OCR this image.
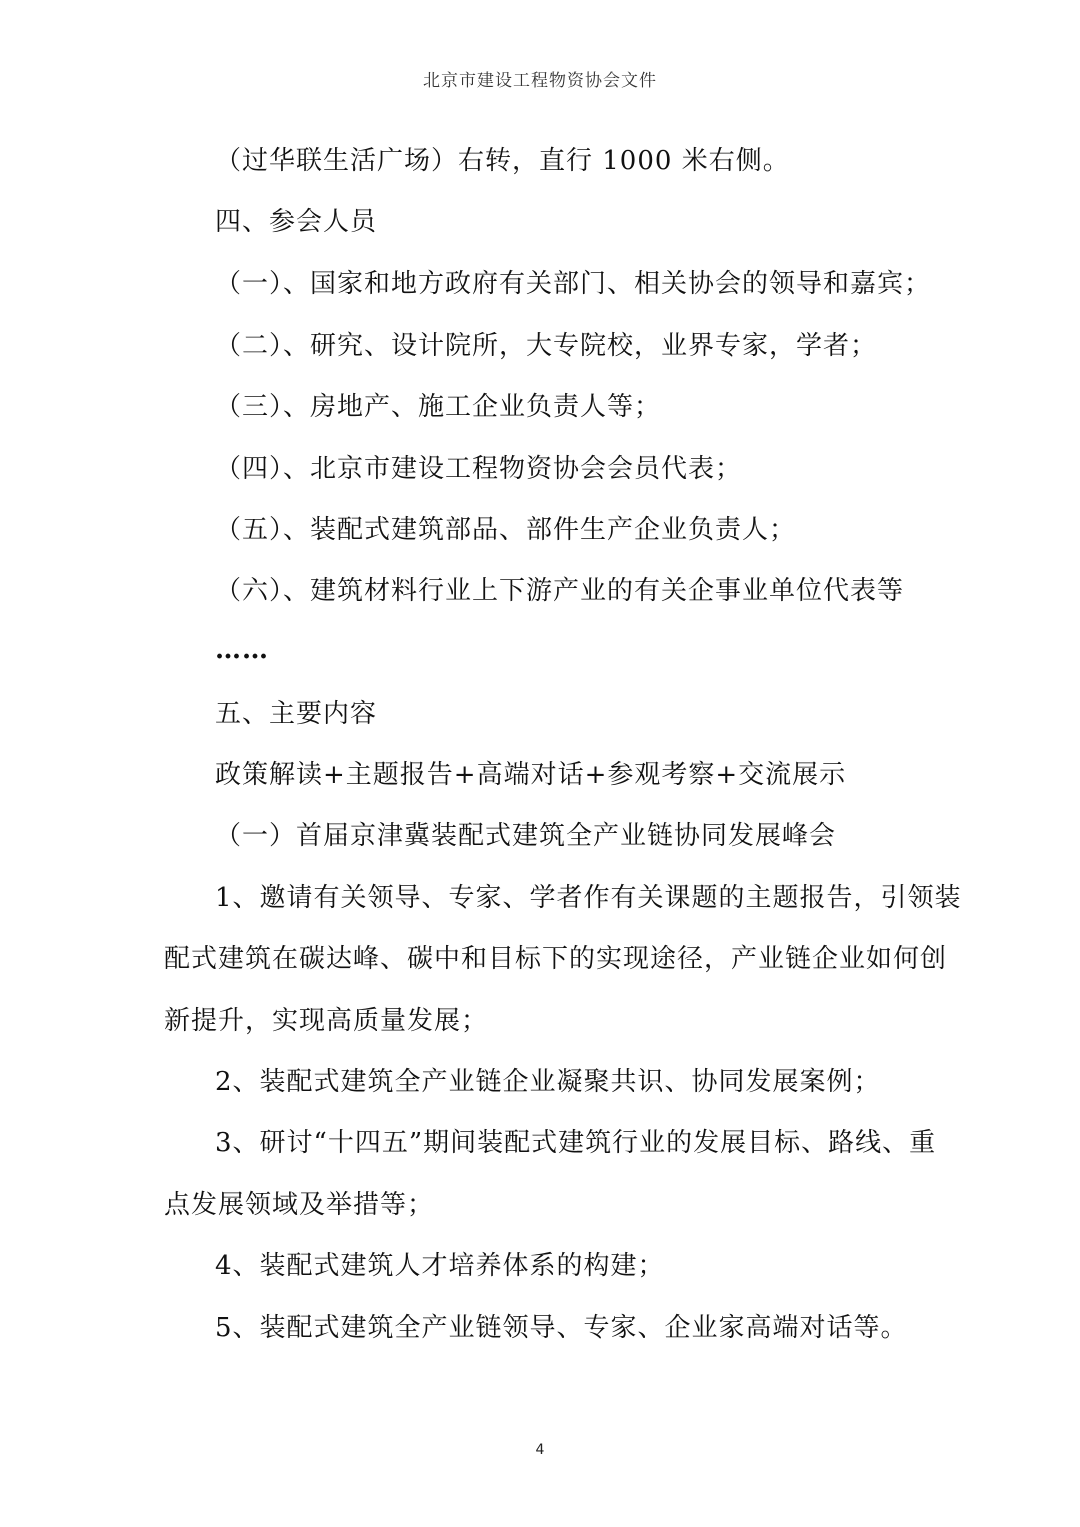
北京市建设工程物资协会文件
（过华联生活广场）右转，直行 1000 米右侧。
四、参会人员
（一）、国家和地方政府有关部门、相关协会的领导和嘉宾；
（二）、研究、设计院所，大专院校，业界专家，学者；
（三）、房地产、施工企业负责人等；
（四）、北京市建设工程物资协会会员代表；
（五）、装配式建筑部品、部件生产企业负责人；
（六）、建筑材料行业上下游产业的有关企事业单位代表等
……
五、主要内容
政策解读+主题报告+高端对话+参观考察+交流展示
（一）首届京津冀装配式建筑全产业链协同发展峰会
1、邀请有关领导、专家、学者作有关课题的主题报告，引领装
配式建筑在碳达峰、碳中和目标下的实现途径，产业链企业如何创
新提升，实现高质量发展；
2、装配式建筑全产业链企业凝聚共识、协同发展案例；
3、研讨“十四五”期间装配式建筑行业的发展目标、路线、重
点发展领域及举措等；
4、装配式建筑人才培养体系的构建；
5、装配式建筑全产业链领导、专家、企业家高端对话等。
4
